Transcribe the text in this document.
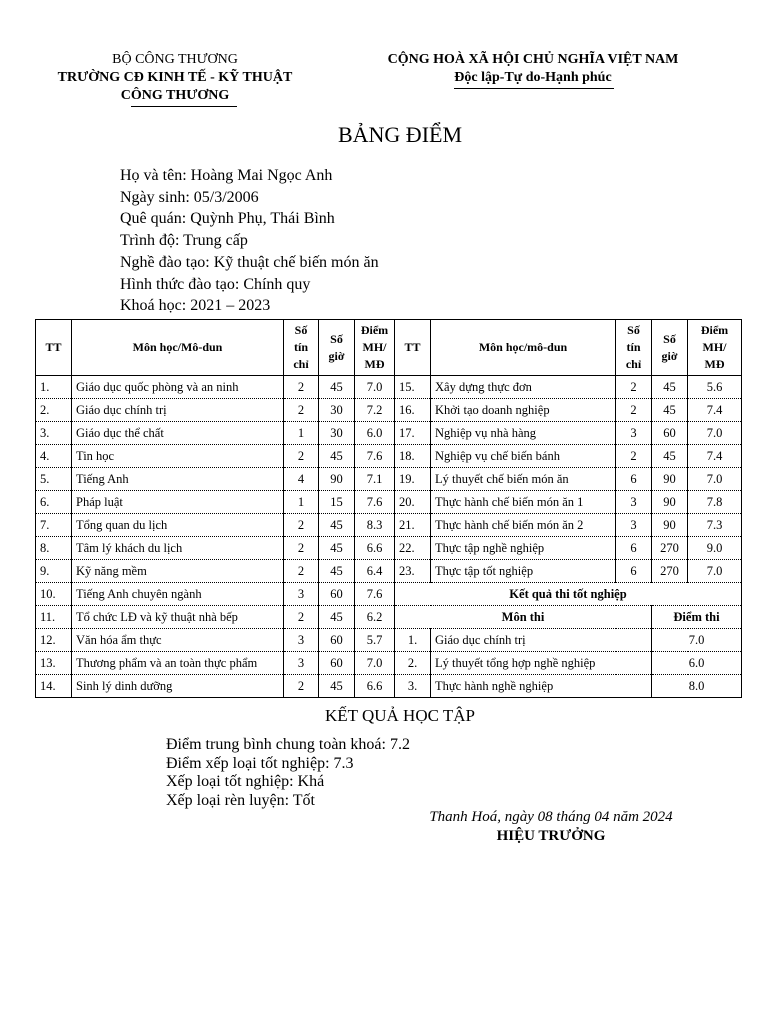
BỘ CÔNG THƯƠNG
TRƯỜNG CĐ KINH TẾ - KỸ THUẬT
CÔNG THƯƠNG
CỘNG HOÀ XÃ HỘI CHỦ NGHĨA VIỆT NAM
Độc lập-Tự do-Hạnh phúc
BẢNG ĐIỂM
Họ và tên: Hoàng Mai Ngọc Anh
Ngày sinh: 05/3/2006
Quê quán: Quỳnh Phụ, Thái Bình
Trình độ: Trung cấp
Nghề đào tạo: Kỹ thuật chế biến món ăn
Hình thức đào tạo: Chính quy
Khoá học: 2021 – 2023
TT	Môn học/Mô-dun	Số tín chỉ	Số giờ	Điểm MH/ MĐ	TT	Môn học/mô-dun	Số tín chỉ	Số giờ	Điểm MH/ MĐ
1.	Giáo dục quốc phòng và an ninh	2	45	7.0	15.	Xây dựng thực đơn	2	45	5.6
2.	Giáo dục chính trị	2	30	7.2	16.	Khởi tạo doanh nghiệp	2	45	7.4
3.	Giáo dục thể chất	1	30	6.0	17.	Nghiệp vụ nhà hàng	3	60	7.0
4.	Tin học	2	45	7.6	18.	Nghiệp vụ chế biến bánh	2	45	7.4
5.	Tiếng Anh	4	90	7.1	19.	Lý thuyết chế biến món ăn	6	90	7.0
6.	Pháp luật	1	15	7.6	20.	Thực hành chế biến món ăn 1	3	90	7.8
7.	Tổng quan du lịch	2	45	8.3	21.	Thực hành chế biến món ăn 2	3	90	7.3
8.	Tâm lý khách du lịch	2	45	6.6	22.	Thực tập nghề nghiệp	6	270	9.0
9.	Kỹ năng mềm	2	45	6.4	23.	Thực tập tốt nghiệp	6	270	7.0
10.	Tiếng Anh chuyên ngành	3	60	7.6	Kết quả thi tốt nghiệp				
11.	Tổ chức LĐ và kỹ thuật nhà bếp	2	45	6.2	Môn thi			Điểm thi	
12.	Văn hóa ẩm thực	3	60	5.7	1.	Giáo dục chính trị		7.0	
13.	Thương phẩm và an toàn thực phẩm	3	60	7.0	2.	Lý thuyết tổng hợp nghề nghiệp		6.0	
14.	Sinh lý dinh dưỡng	2	45	6.6	3.	Thực hành nghề nghiệp		8.0	
KẾT QUẢ HỌC TẬP
Điểm trung bình chung toàn khoá: 7.2
Điểm xếp loại tốt nghiệp: 7.3
Xếp loại tốt nghiệp: Khá
Xếp loại rèn luyện: Tốt
Thanh Hoá, ngày 08 tháng 04 năm 2024
HIỆU TRƯỞNG
